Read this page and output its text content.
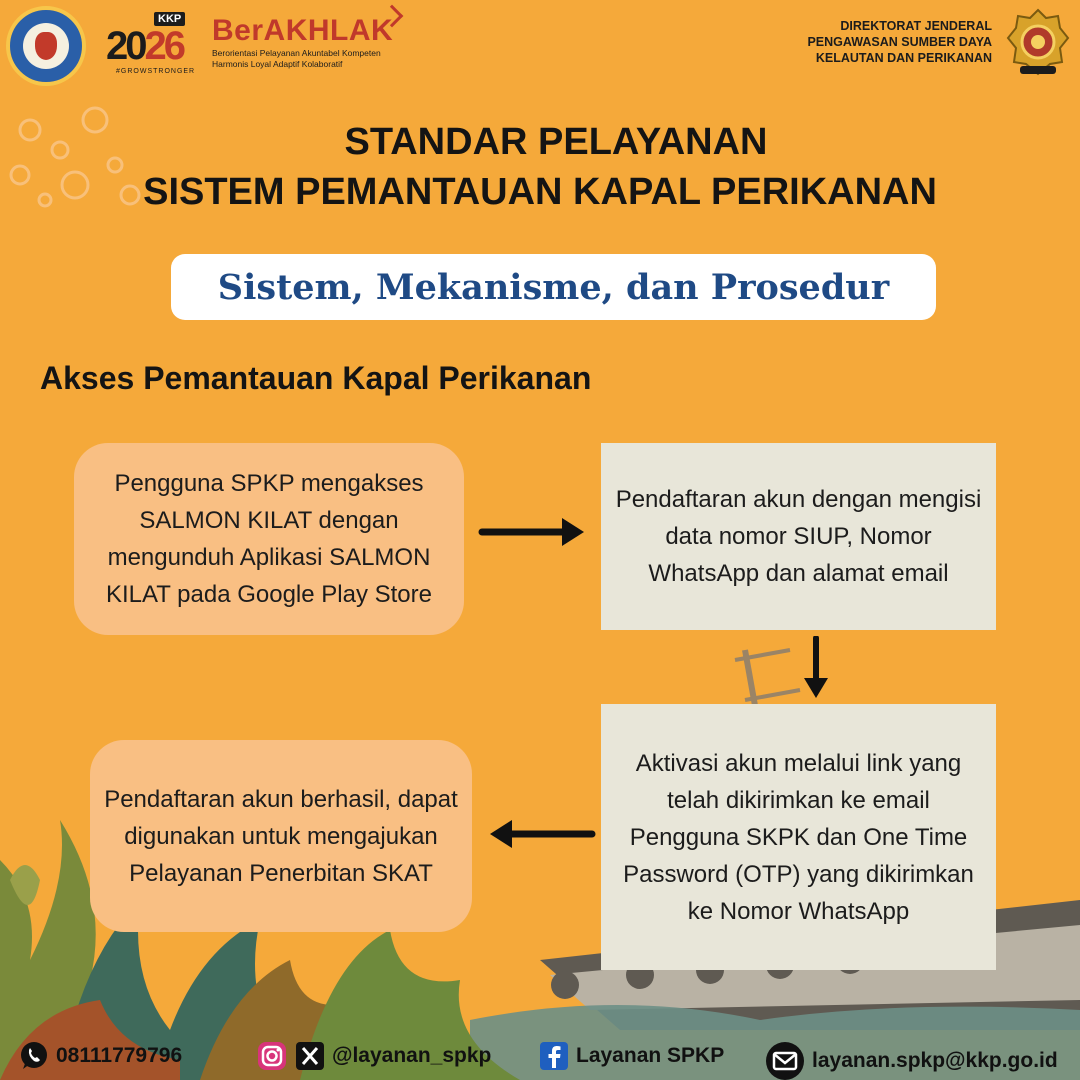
KKP
2026
#GROWSTRONGER
BerAKHLAK
Berorientasi Pelayanan Akuntabel Kompeten
Harmonis Loyal Adaptif Kolaboratif
DIREKTORAT JENDERAL
PENGAWASAN SUMBER DAYA
KELAUTAN DAN PERIKANAN
STANDAR PELAYANAN
SISTEM PEMANTAUAN KAPAL PERIKANAN
Sistem, Mekanisme, dan Prosedur
Akses Pemantauan Kapal Perikanan
Pengguna SPKP mengakses SALMON KILAT dengan mengunduh Aplikasi SALMON KILAT pada Google Play Store
Pendaftaran akun dengan mengisi data nomor SIUP, Nomor WhatsApp dan alamat email
Aktivasi akun melalui link yang telah dikirimkan ke email Pengguna SKPK dan One Time Password (OTP) yang dikirimkan ke Nomor WhatsApp
Pendaftaran akun berhasil, dapat digunakan untuk mengajukan Pelayanan Penerbitan SKAT
08111779796	@layanan_spkp	Layanan SPKP	layanan.spkp@kkp.go.id
